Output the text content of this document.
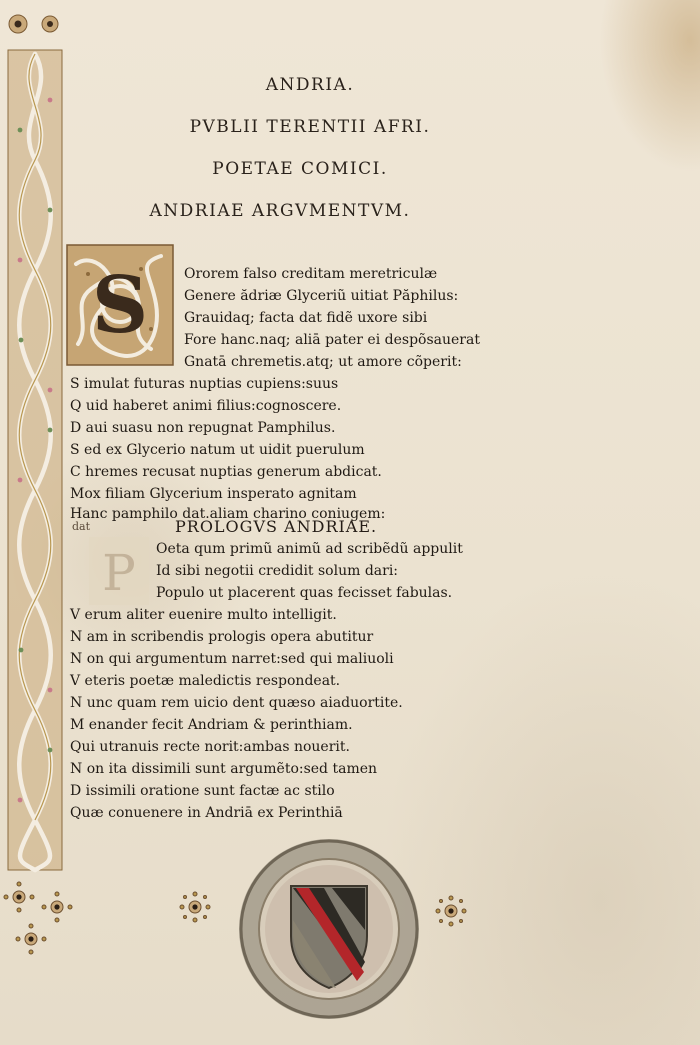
ANDRIA.
PVBLII TERENTII AFRI.
POETAE COMICI.
ANDRIAE ARGVMENTVM.
S	Ororem falso creditam meretriculæ
Genere ădriæ Glyceriũ uitiat Păphilus:
Grauidaq; facta dat fidẽ uxore sibi
Fore hanc.naq; aliā pater ei despõsauerat
Gnatā chremetis.atq; ut amore cõperit:
S imulat futuras nuptias cupiens:suus
Q uid haberet animi filius:cognoscere.
D aui suasu non repugnat Pamphilus.
S ed ex Glycerio natum ut uidit puerulum
C hremes recusat nuptias generum abdicat.
Mox filiam Glycerium insperato agnitam
Hanc pamphilo dat.aliam charino coniugem:
PROLOGVS ANDRIAE.
dat
P Oeta qum primũ animũ ad scribẽdũ appulit
Id sibi negotii credidit solum dari:
Populo ut placerent quas fecisset fabulas.
V erum aliter euenire multo intelligit.
N am in scribendis prologis opera abutitur
N on qui argumentum narret:sed qui maliuoli
V eteris poetæ maledictis respondeat.
N unc quam rem uicio dent quæso aiaduortite.
M enander fecit Andriam & perinthiam.
Qui utranuis recte norit:ambas nouerit.
N on ita dissimili sunt argumẽto:sed tamen
D issimili oratione sunt factæ ac stilo
Quæ conuenere in Andriā ex Perinthiā
